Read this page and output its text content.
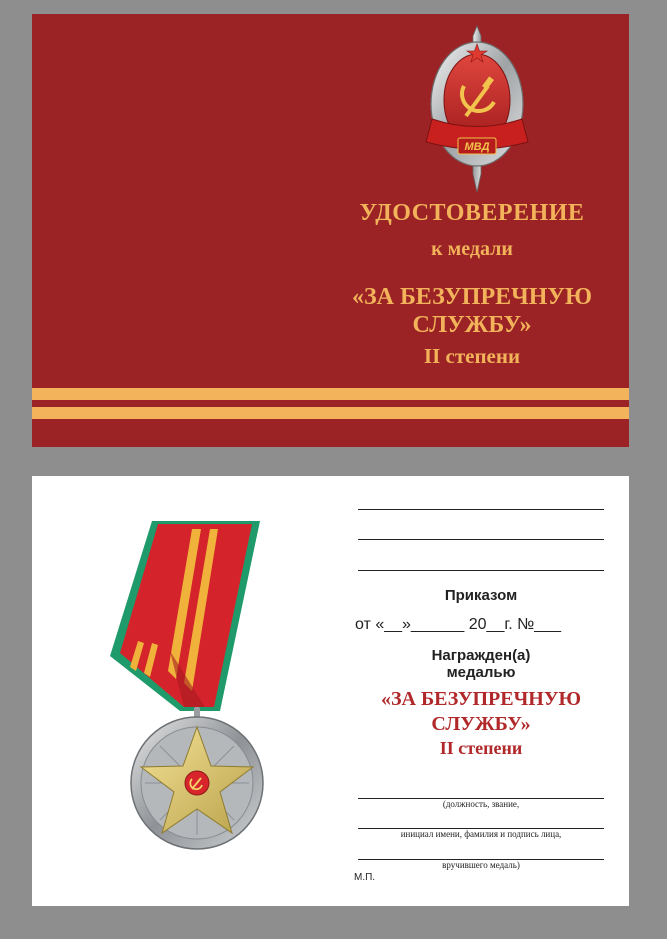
МВД

УДОСТОВЕРЕНИЕ

к медали

«ЗА БЕЗУПРЕЧНУЮ

СЛУЖБУ»

II степени

Приказом

от «__»______ 20__г. №___

Награжден(а)

медалью

«ЗА БЕЗУПРЕЧНУЮ

СЛУЖБУ»

II степени

(должность, звание,

инициал имени, фамилия и подпись лица,

вручившего медаль)

М.П.
